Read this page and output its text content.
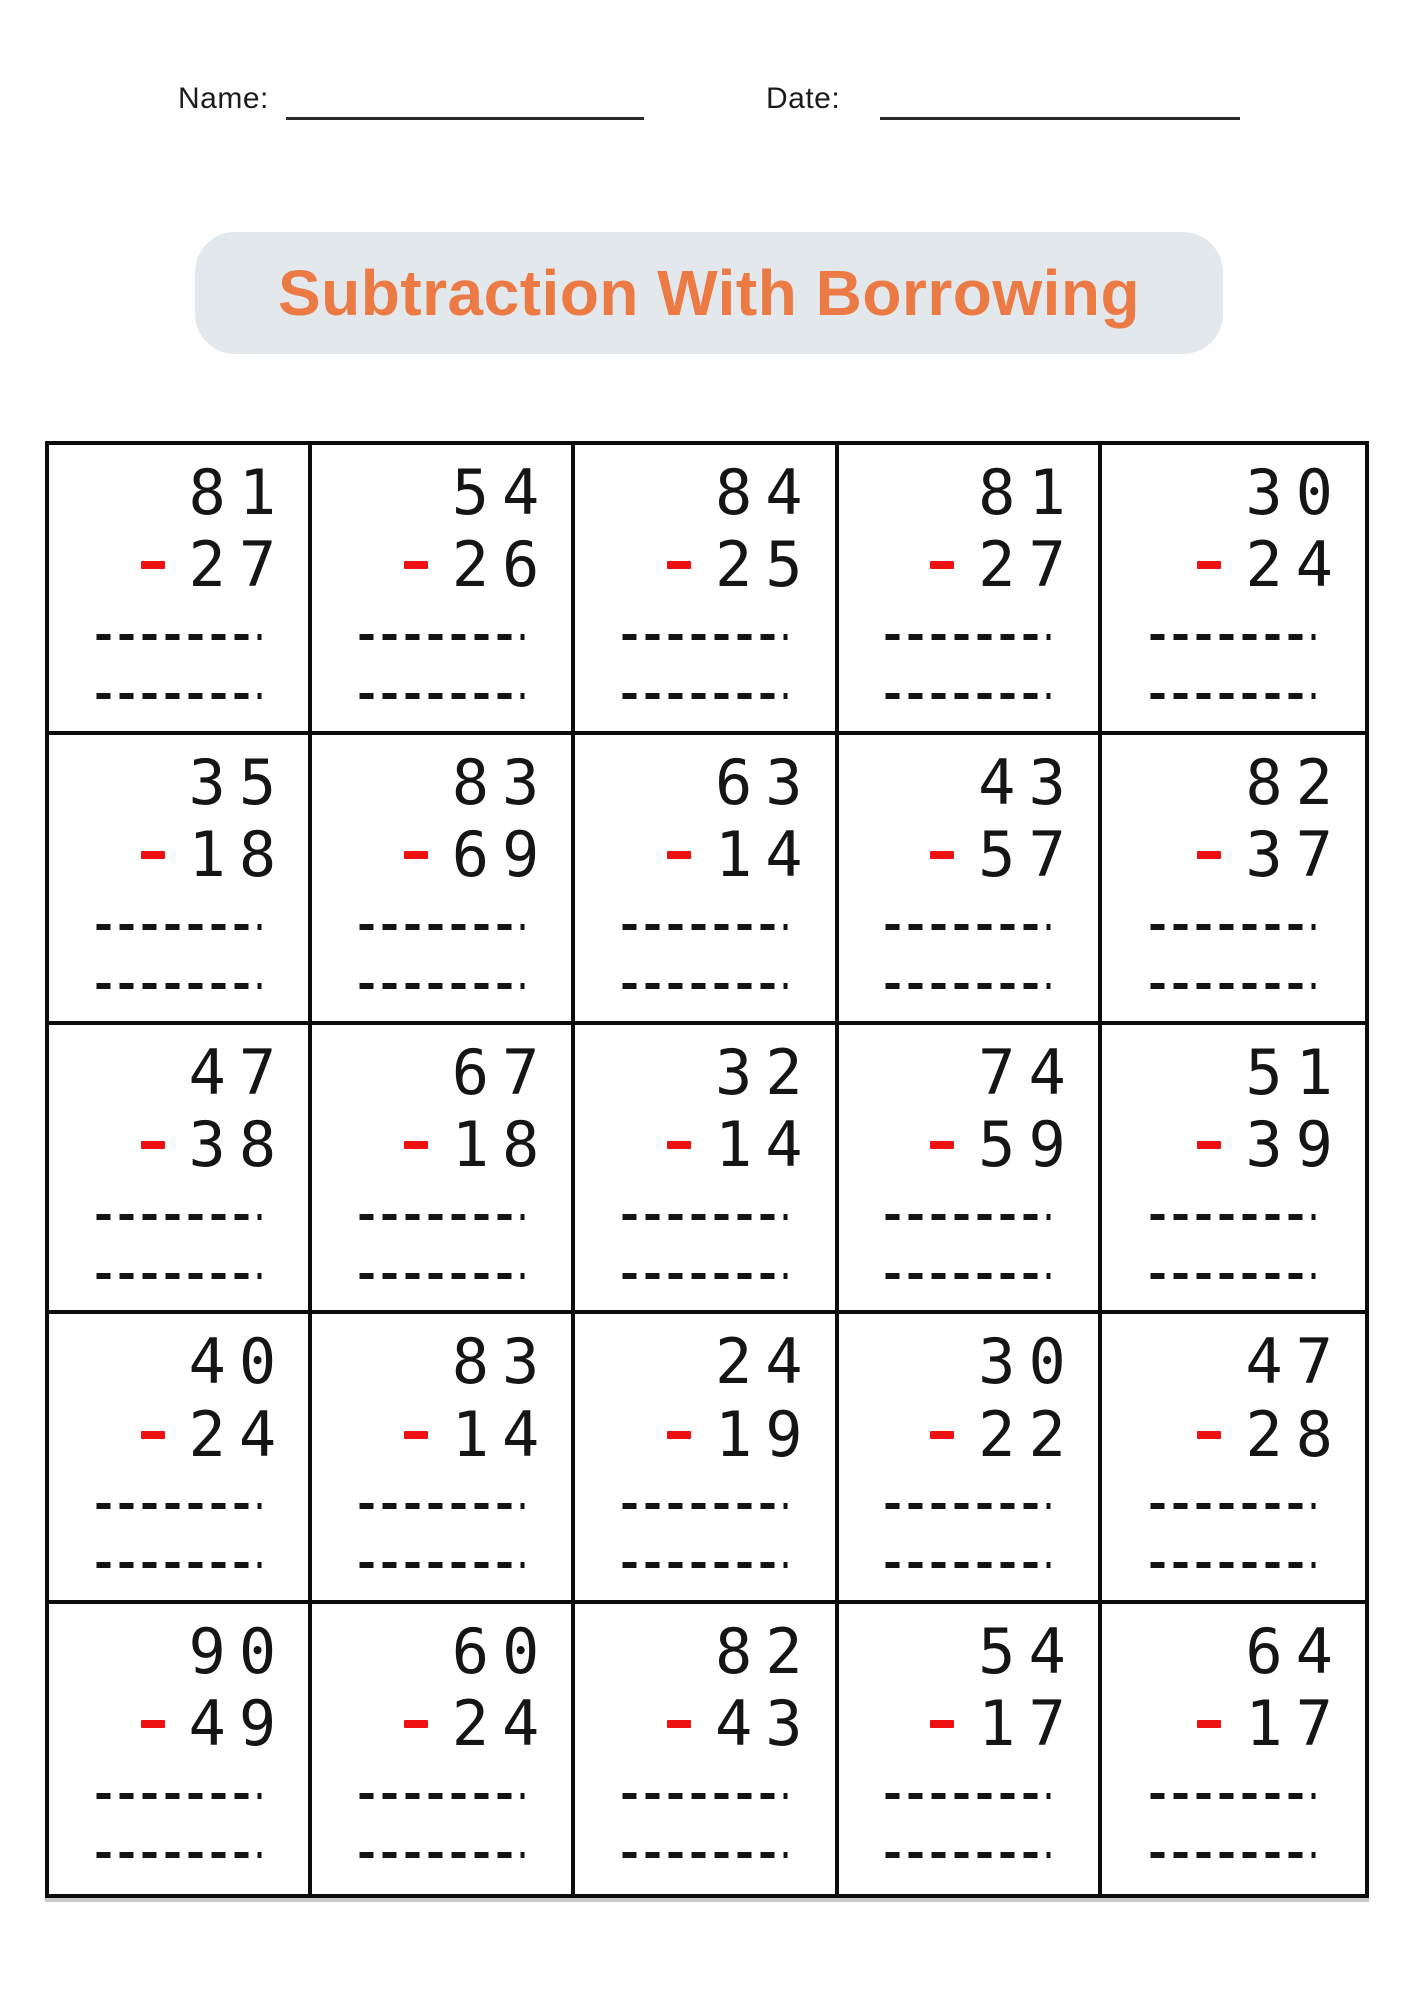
Name:	Date:
Subtraction With Borrowing
81
27
54
26
84
25
81
27
30
24
35
18
83
69
63
14
43
57
82
37
47
38
67
18
32
14
74
59
51
39
40
24
83
14
24
19
30
22
47
28
90
49
60
24
82
43
54
17
64
17
